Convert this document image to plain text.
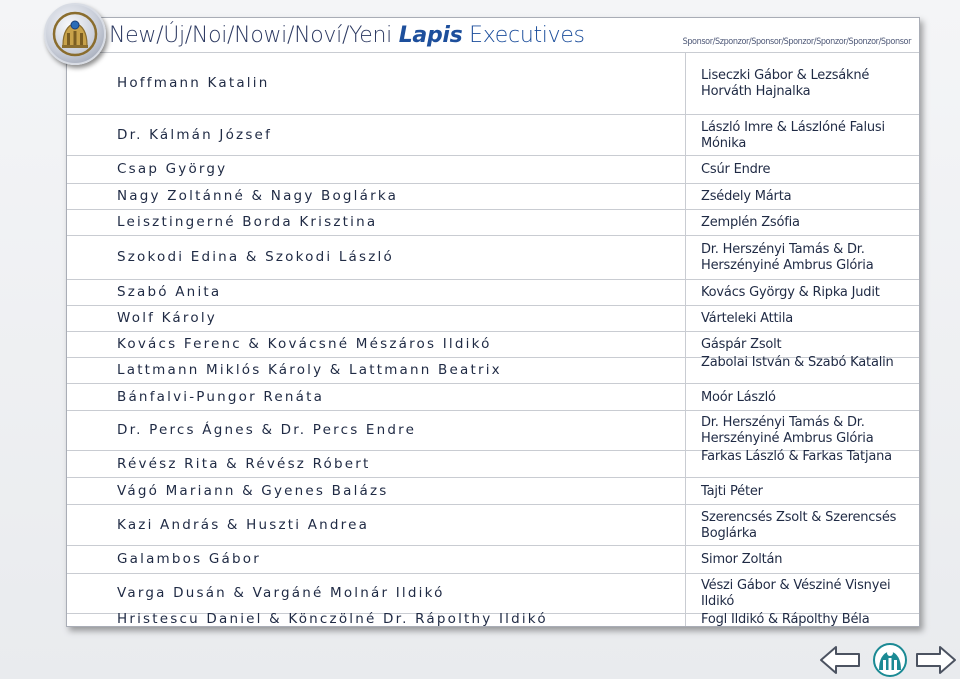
New/Új/Noi/Nowi/Noví/Yeni Lapis Executives	Sponsor/Szponzor/Sponsor/Sponzor/Sponzor/Sponzor/Sponsor
Hoffmann Katalin	Liseczki Gábor & Lezsákné Horváth Hajnalka
Dr. Kálmán József	László Imre & Lászlóné Falusi Mónika
Csap György	Csúr Endre
Nagy Zoltánné & Nagy Boglárka	Zsédely Márta
Leisztingerné Borda Krisztina	Zemplén Zsófia
Szokodi Edina & Szokodi László	Dr. Herszényi Tamás & Dr. Herszényiné Ambrus Glória
Szabó Anita	Kovács György & Ripka Judit
Wolf Károly	Várteleki Attila
Kovács Ferenc & Kovácsné Mészáros Ildikó	Gáspár Zsolt
Lattmann Miklós Károly & Lattmann Beatrix	Zabolai István & Szabó Katalin
Bánfalvi-Pungor Renáta	Moór László
Dr. Percs Ágnes & Dr. Percs Endre	Dr. Herszényi Tamás & Dr. Herszényiné Ambrus Glória
Révész Rita & Révész Róbert	Farkas László & Farkas Tatjana
Vágó Mariann & Gyenes Balázs	Tajti Péter
Kazi András & Huszti Andrea	Szerencsés Zsolt & Szerencsés Boglárka
Galambos Gábor	Simor Zoltán
Varga Dusán & Vargáné Molnár Ildikó	Vészi Gábor & Vésziné Visnyei Ildikó
Hristescu Daniel & Könczölné Dr. Rápolthy Ildikó	Fogl Ildikó & Rápolthy Béla
